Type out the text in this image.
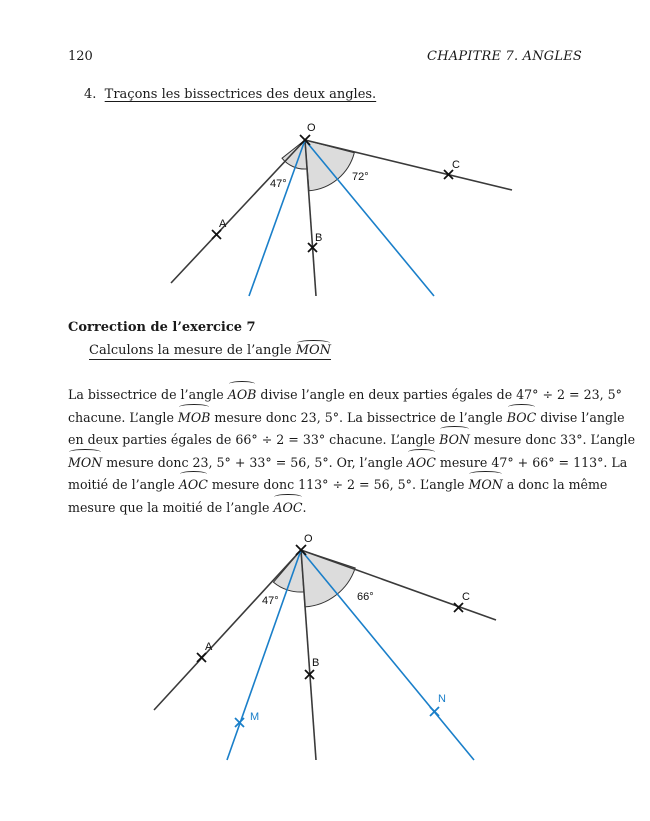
120	CHAPITRE 7. ANGLES
4. Traçons les bissectrices des deux angles.
O
A
B
C
47°
72°
Correction de l’exercice 7
Calculons la mesure de l’angle MON
La bissectrice de l’angle AOB divise l’angle en deux parties égales de 47° ÷ 2 = 23, 5°
chacune. L’angle MOB mesure donc 23, 5°. La bissectrice de l’angle BOC divise l’angle
en deux parties égales de 66° ÷ 2 = 33° chacune. L’angle BON mesure donc 33°. L’angle
MON mesure donc 23, 5° + 33° = 56, 5°. Or, l’angle AOC mesure 47° + 66° = 113°. La
moitié de l’angle AOC mesure donc 113° ÷ 2 = 56, 5°. L’angle MON a donc la même
mesure que la moitié de l’angle AOC.
O
A
B
C
M
N
47°	66°
